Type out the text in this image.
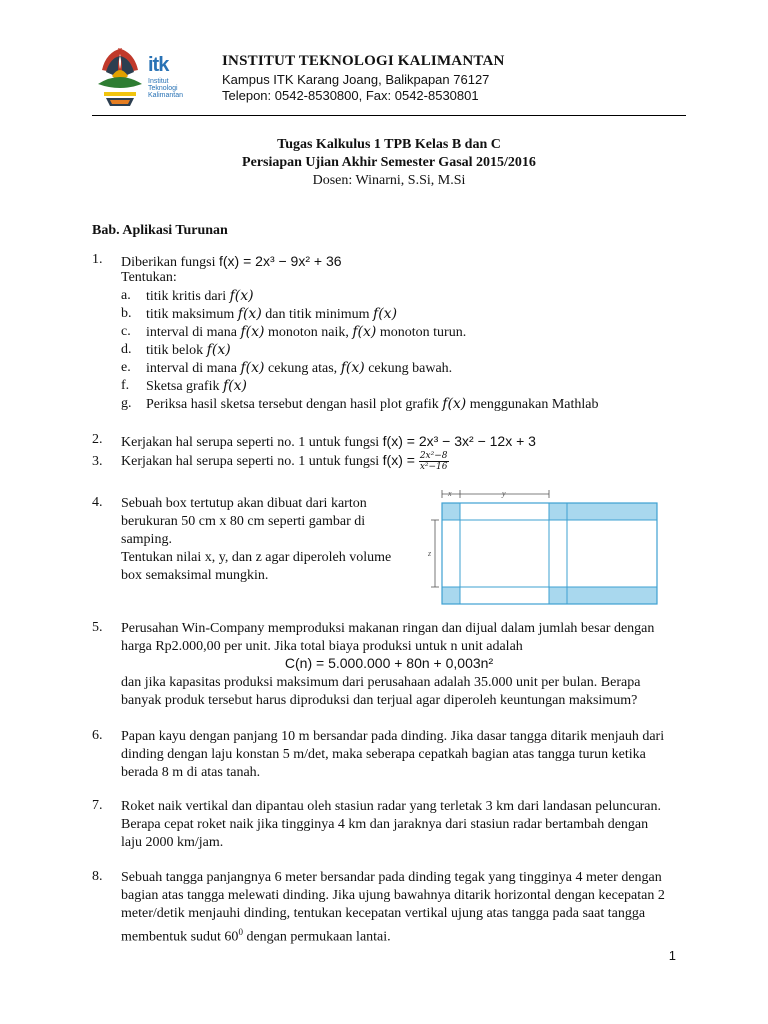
itk
Institut
Teknologi
Kalimantan
INSTITUT TEKNOLOGI KALIMANTAN
Kampus ITK Karang Joang, Balikpapan 76127
Telepon: 0542-8530800, Fax: 0542-8530801
Tugas Kalkulus 1 TPB Kelas B dan C
Persiapan Ujian Akhir Semester Gasal 2015/2016
Dosen: Winarni, S.Si, M.Si
Bab. Aplikasi Turunan
1. Diberikan fungsi f(x) = 2x³ − 9x² + 36
Tentukan:
a. titik kritis dari f(x)
b. titik maksimum f(x) dan titik minimum f(x)
c. interval di mana f(x) monoton naik, f(x) monoton turun.
d. titik belok f(x)
e. interval di mana f(x) cekung atas, f(x) cekung bawah.
f. Sketsa grafik f(x)
g. Periksa hasil sketsa tersebut dengan hasil plot grafik f(x) menggunakan Mathlab
2. Kerjakan hal serupa seperti no. 1 untuk fungsi f(x) = 2x³ − 3x² − 12x + 3
3. Kerjakan hal serupa seperti no. 1 untuk fungsi $f(x) = \frac{\text{2x²−8}}{\text{x²−16}}$
4. Sebuah box tertutup akan dibuat dari karton
berukuran 50 cm x 80 cm seperti gambar di
samping.
Tentukan nilai x, y, dan z agar diperoleh volume
box semaksimal mungkin.
x	y
z
5. Perusahan Win-Company memproduksi makanan ringan dan dijual dalam jumlah besar dengan
harga Rp2.000,00 per unit. Jika total biaya produksi untuk n unit adalah
C(n) = 5.000.000 + 80n + 0,003n²
dan jika kapasitas produksi maksimum dari perusahaan adalah 35.000 unit per bulan. Berapa
banyak produk tersebut harus diproduksi dan terjual agar diperoleh keuntungan maksimum?
6. Papan kayu dengan panjang 10 m bersandar pada dinding. Jika dasar tangga ditarik menjauh dari
dinding dengan laju konstan 5 m/det, maka seberapa cepatkah bagian atas tangga turun ketika
berada 8 m di atas tanah.
7. Roket naik vertikal dan dipantau oleh stasiun radar yang terletak 3 km dari landasan peluncuran.
Berapa cepat roket naik jika tingginya 4 km dan jaraknya dari stasiun radar bertambah dengan
laju 2000 km/jam.
8. Sebuah tangga panjangnya 6 meter bersandar pada dinding tegak yang tingginya 4 meter dengan
bagian atas tangga melewati dinding. Jika ujung bawahnya ditarik horizontal dengan kecepatan 2
meter/detik menjauhi dinding, tentukan kecepatan vertikal ujung atas tangga pada saat tangga
membentuk sudut $60^0$ dengan permukaan lantai.
1
